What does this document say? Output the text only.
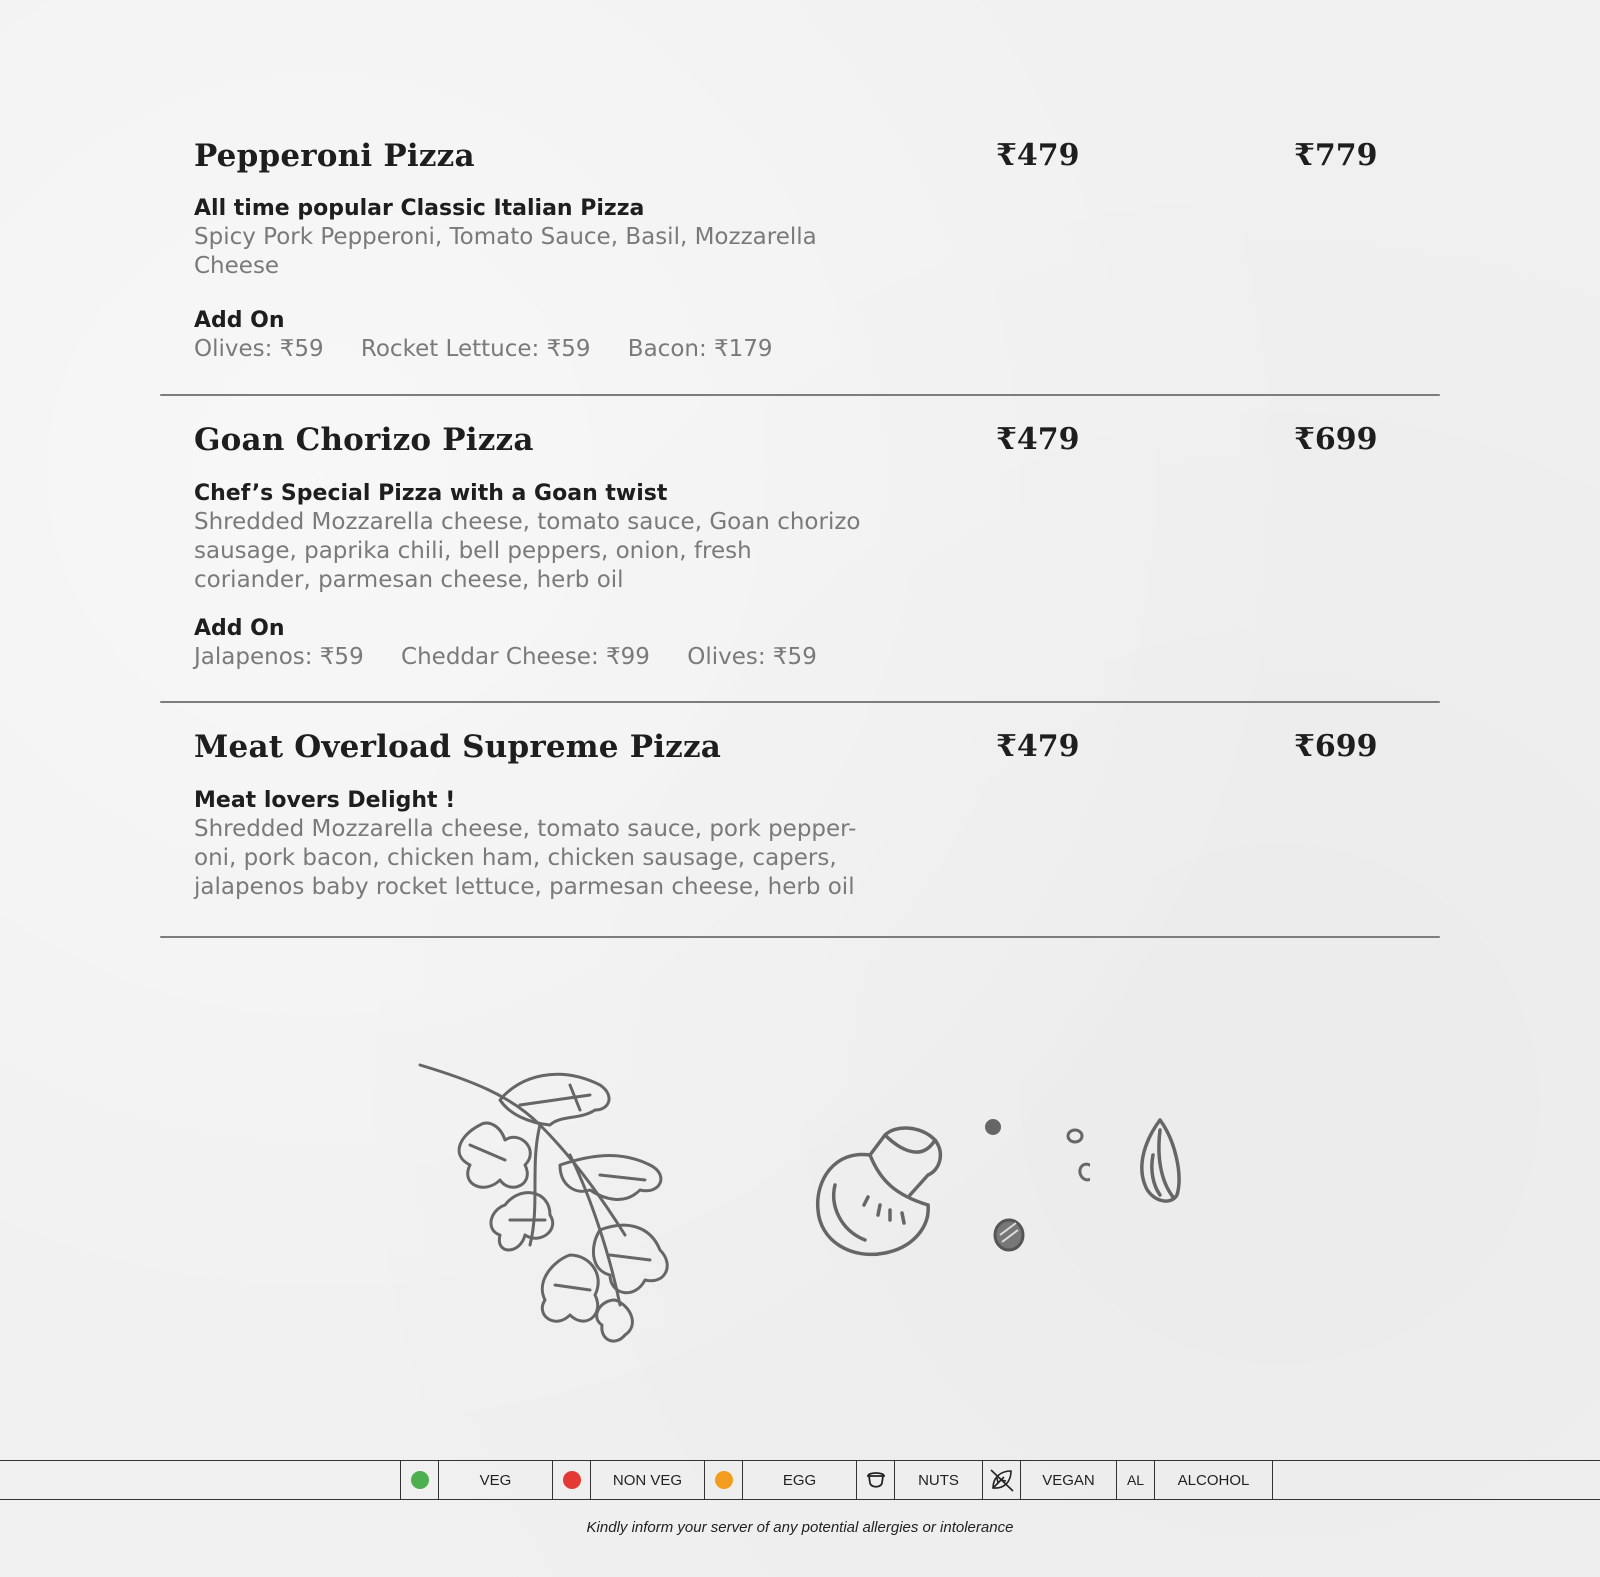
Pepperoni Pizza	₹479	₹779
All time popular Classic Italian Pizza
Spicy Pork Pepperoni, Tomato Sauce, Basil, Mozzarella Cheese
Add On
Olives: ₹59 Rocket Lettuce: ₹59 Bacon: ₹179
Goan Chorizo Pizza	₹479	₹699
Chef’s Special Pizza with a Goan twist
Shredded Mozzarella cheese, tomato sauce, Goan chorizo sausage, paprika chili, bell peppers, onion, fresh coriander, parmesan cheese, herb oil
Add On
Jalapenos: ₹59 Cheddar Cheese: ₹99 Olives: ₹59
Meat Overload Supreme Pizza	₹479	₹699
Meat lovers Delight !
Shredded Mozzarella cheese, tomato sauce, pork pepper-oni, pork bacon, chicken ham, chicken sausage, capers, jalapenos baby rocket lettuce, parmesan cheese, herb oil
VEG	NON VEG	EGG	NUTS	VEGAN	AL	ALCOHOL
Kindly inform your server of any potential allergies or intolerance
